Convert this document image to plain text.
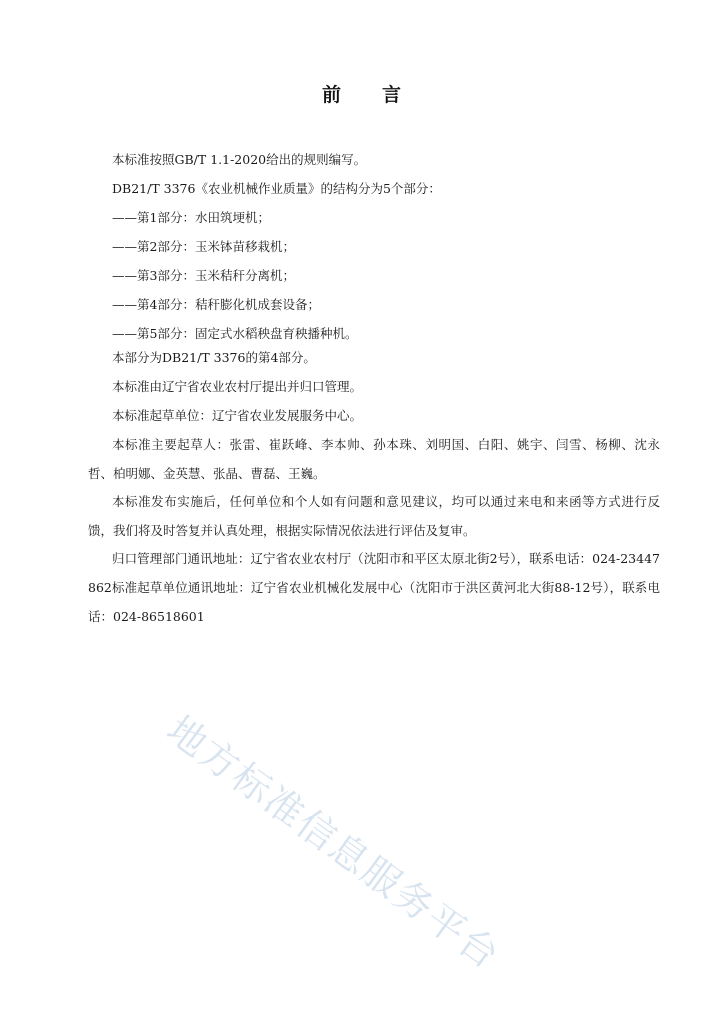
前 言
本标准按照GB/T 1.1-2020给出的规则编写。
DB21/T 3376《农业机械作业质量》的结构分为5个部分：
——第1部分：水田筑埂机；
——第2部分：玉米钵苗移栽机；
——第3部分：玉米秸秆分离机；
——第4部分：秸秆膨化机成套设备；
——第5部分：固定式水稻秧盘育秧播种机。
本部分为DB21/T 3376的第4部分。
本标准由辽宁省农业农村厅提出并归口管理。
本标准起草单位：辽宁省农业发展服务中心。
本标准主要起草人：张雷、崔跃峰、李本帅、孙本珠、刘明国、白阳、姚宇、闫雪、杨柳、沈永哲、柏明娜、金英慧、张晶、曹磊、王巍。
本标准发布实施后，任何单位和个人如有问题和意见建议，均可以通过来电和来函等方式进行反馈，我们将及时答复并认真处理，根据实际情况依法进行评估及复审。
归口管理部门通讯地址：辽宁省农业农村厅（沈阳市和平区太原北街2号），联系电话：024-23447862 标准起草单位通讯地址：辽宁省农业机械化发展中心（沈阳市于洪区黄河北大街88-12号），联系电话：024-86518601
地方标准信息服务平台
